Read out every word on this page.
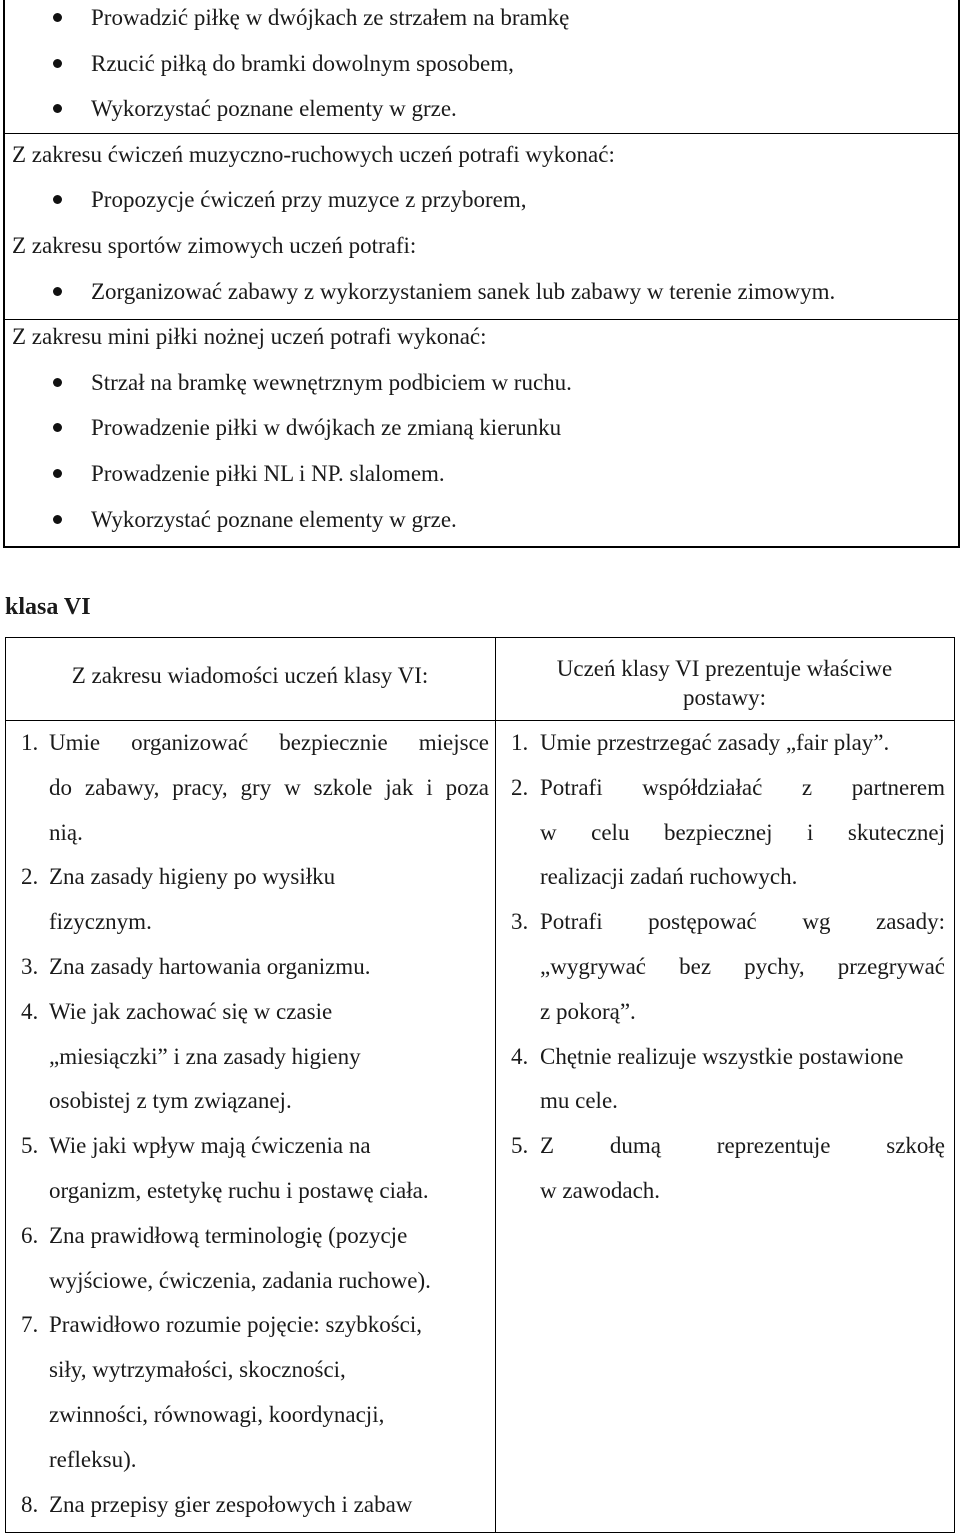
Prowadzić piłkę w dwójkach ze strzałem na bramkę
Rzucić piłką do bramki dowolnym sposobem,
Wykorzystać poznane elementy w grze.
Z zakresu ćwiczeń muzyczno-ruchowych uczeń potrafi wykonać:
Propozycje ćwiczeń przy muzyce z przyborem,
Z zakresu sportów zimowych uczeń potrafi:
Zorganizować zabawy z wykorzystaniem sanek lub zabawy w terenie zimowym.
Z zakresu mini piłki nożnej uczeń potrafi wykonać:
Strzał na bramkę wewnętrznym podbiciem w ruchu.
Prowadzenie piłki w dwójkach ze zmianą kierunku
Prowadzenie piłki NL i NP. slalomem.
Wykorzystać poznane elementy w grze.
klasa VI
Z zakresu wiadomości uczeń klasy VI:	Uczeń klasy VI prezentuje właściwe
postawy:
1. Umie organizować bezpiecznie miejsce
do zabawy, pracy, gry w szkole jak i poza
nią.
2. Zna zasady higieny po wysiłku
fizycznym.
3. Zna zasady hartowania organizmu.
4. Wie jak zachować się w czasie
„miesiączki” i zna zasady higieny
osobistej z tym związanej.
5. Wie jaki wpływ mają ćwiczenia na
organizm, estetykę ruchu i postawę ciała.
6. Zna prawidłową terminologię (pozycje
wyjściowe, ćwiczenia, zadania ruchowe).
7. Prawidłowo rozumie pojęcie: szybkości,
siły, wytrzymałości, skoczności,
zwinności, równowagi, koordynacji,
refleksu).
8. Zna przepisy gier zespołowych i zabaw
1. Umie przestrzegać zasady „fair play”.
2. Potrafi współdziałać z partnerem
w celu bezpiecznej i skutecznej
realizacji zadań ruchowych.
3. Potrafi postępować wg zasady:
„wygrywać bez pychy, przegrywać
z pokorą”.
4. Chętnie realizuje wszystkie postawione
mu cele.
5. Z dumą reprezentuje szkołę
w zawodach.
